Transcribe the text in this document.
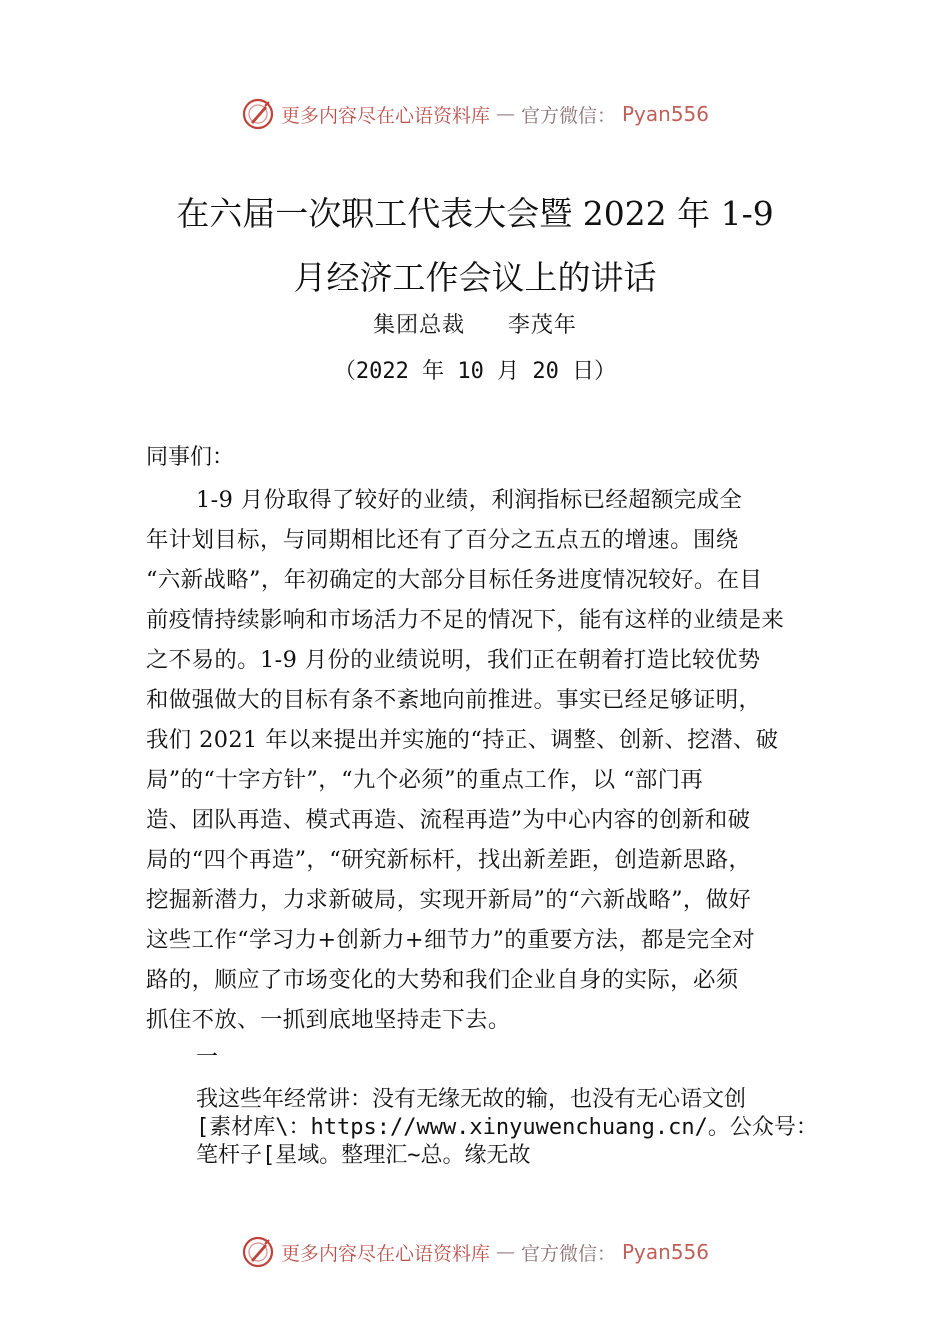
更多内容尽在心语资料库 — 官方微信： Pyan556
在六届一次职工代表大会暨 2022 年 1-9
月经济工作会议上的讲话
集团总裁   李茂年
（2022 年 10 月 20 日）
同事们：
1-9 月份取得了较好的业绩，利润指标已经超额完成全
年计划目标，与同期相比还有了百分之五点五的增速。围绕
“六新战略”，年初确定的大部分目标任务进度情况较好。在目
前疫情持续影响和市场活力不足的情况下，能有这样的业绩是来
之不易的。1-9 月份的业绩说明，我们正在朝着打造比较优势
和做强做大的目标有条不紊地向前推进。事实已经足够证明，
我们 2021 年以来提出并实施的“持正、调整、创新、挖潜、破
局”的“十字方针”，“九个必须”的重点工作，以 “部门再
造、团队再造、模式再造、流程再造”为中心内容的创新和破
局的“四个再造”，“研究新标杆，找出新差距，创造新思路，
挖掘新潜力，力求新破局，实现开新局”的“六新战略”，做好
这些工作“学习力+创新力+细节力”的重要方法，都是完全对
路的，顺应了市场变化的大势和我们企业自身的实际，必须
抓住不放、一抓到底地坚持走下去。
一
我这些年经常讲：没有无缘无故的输，也没有无心语文创
[素材库\：https://www.xinyuwenchuang.cn/。公众号：
笔杆子[星域。整理汇~总。缘无故
更多内容尽在心语资料库 — 官方微信： Pyan556
